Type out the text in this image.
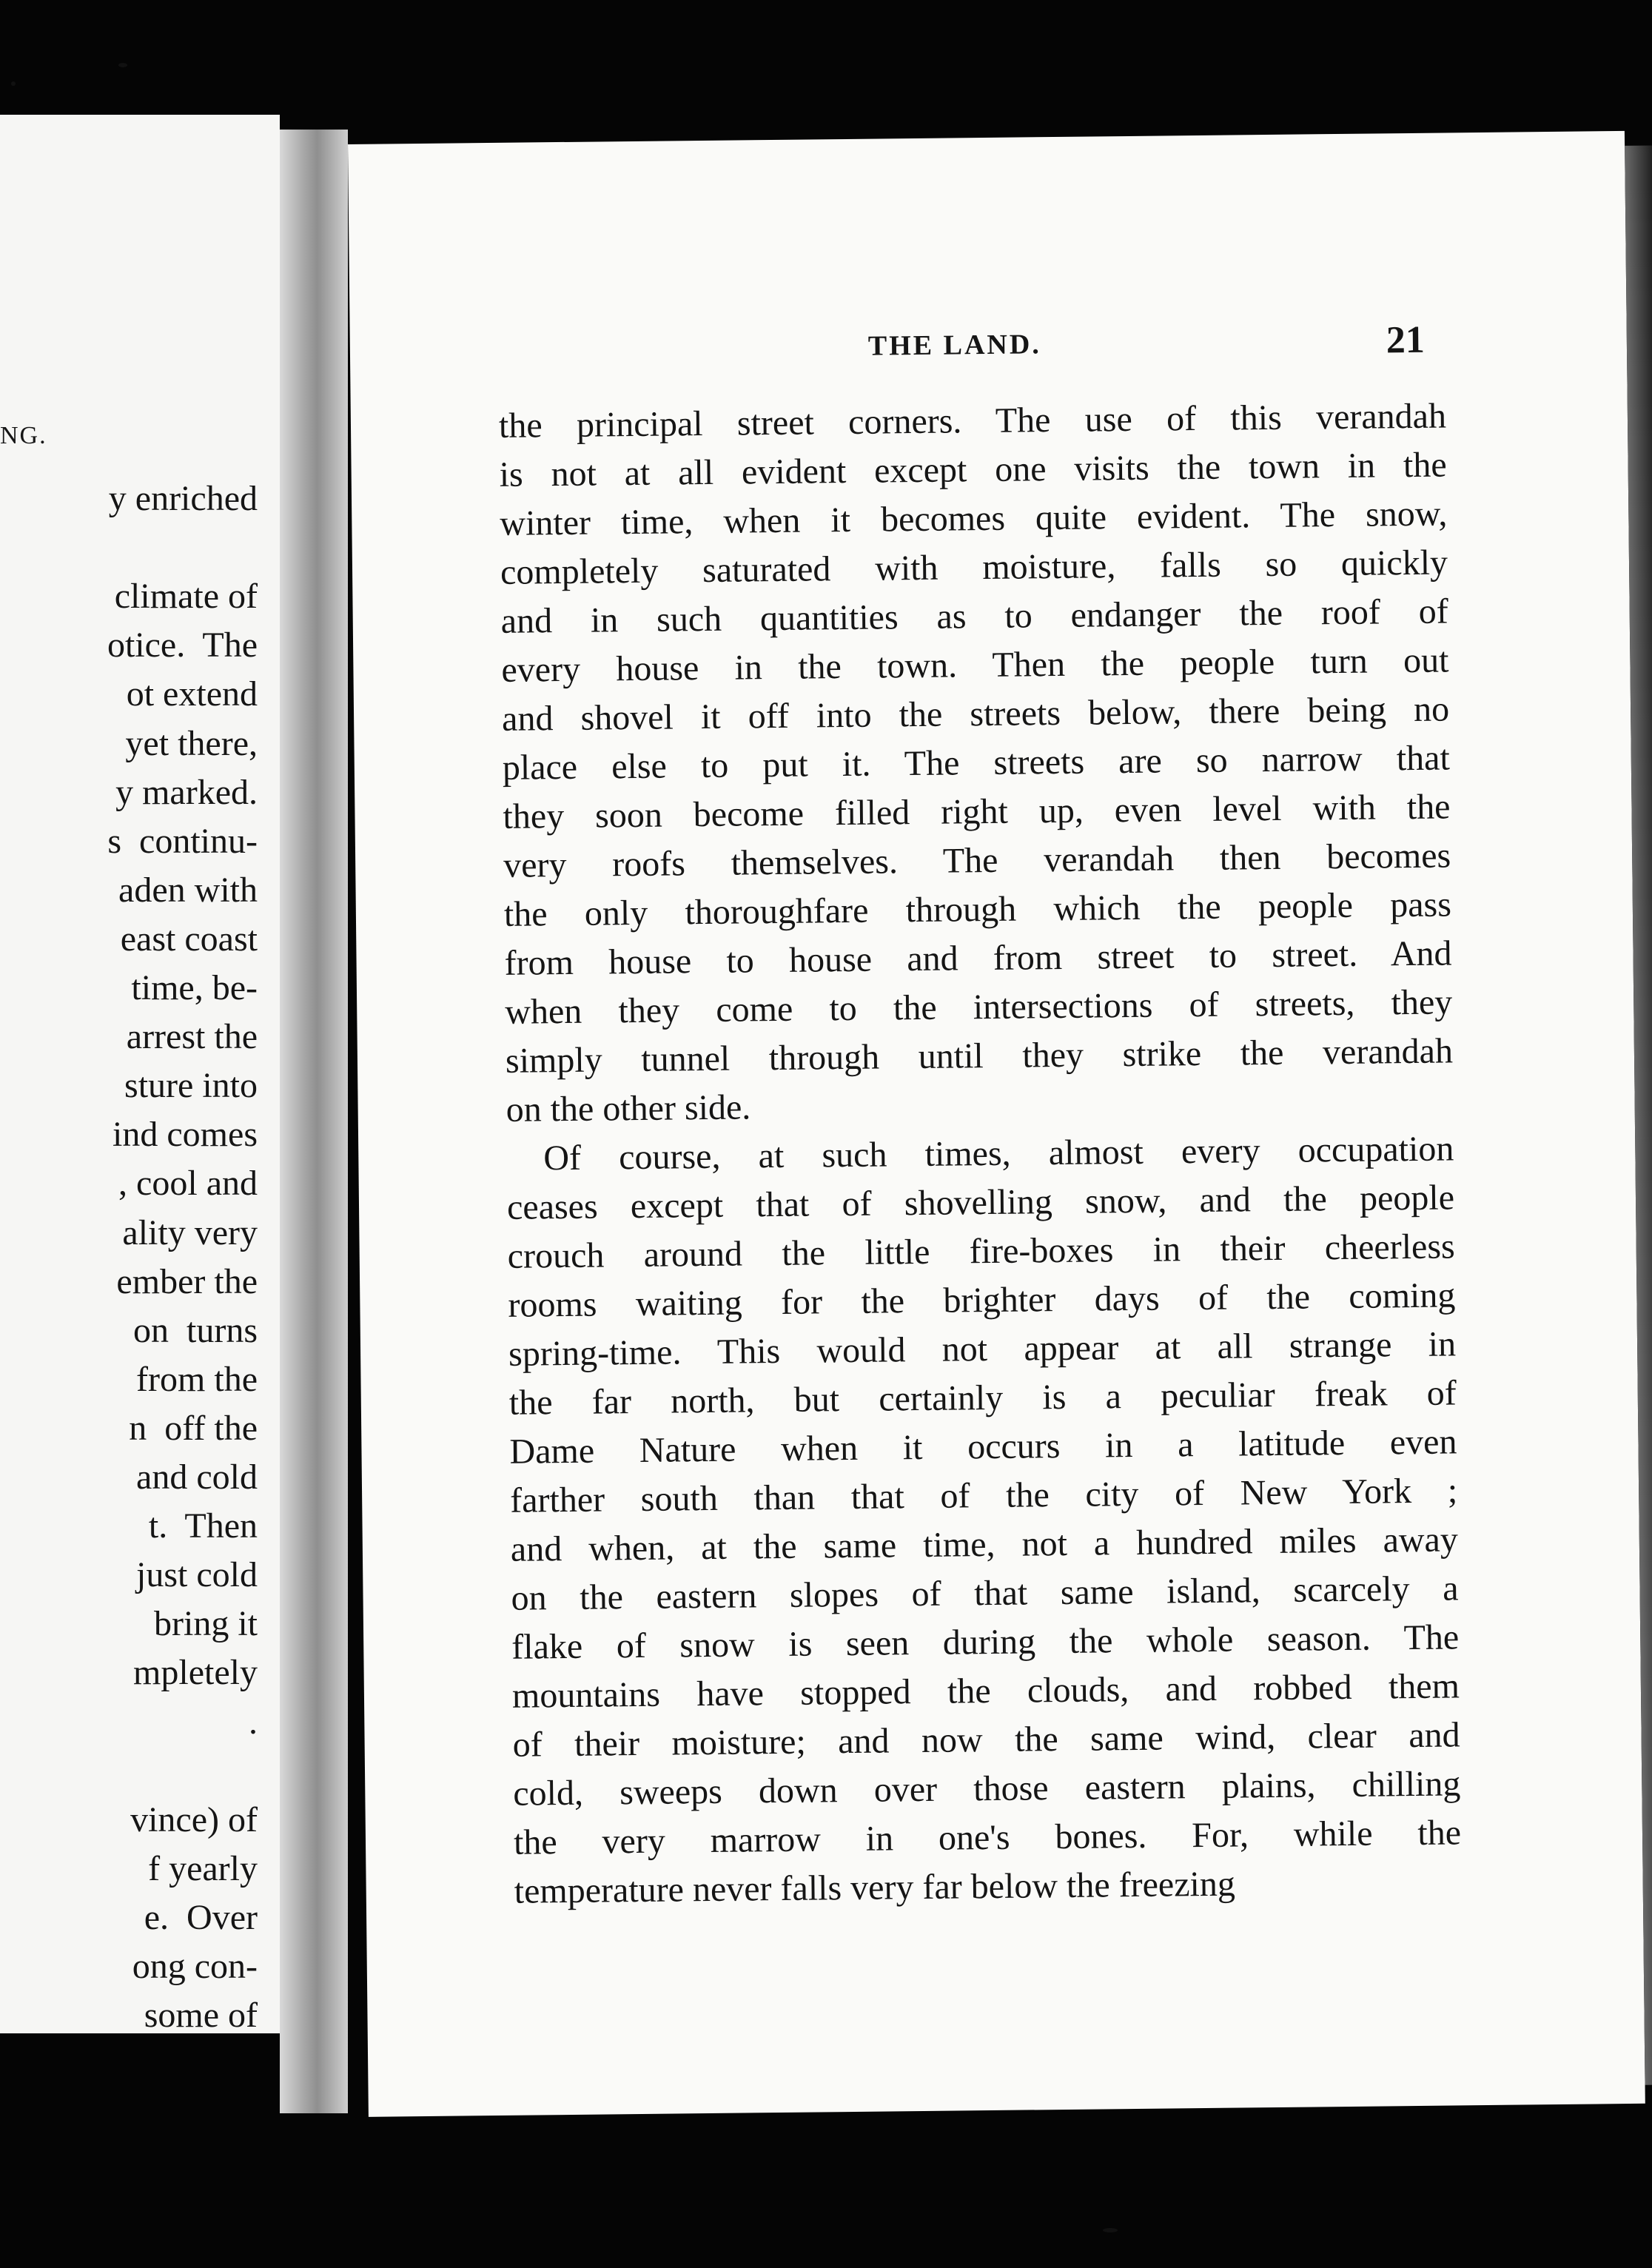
NG.
y enriched
climate of
otice.  The
ot extend
yet there,
y marked.
s  continu-
aden with
east coast
time, be-
arrest the
sture into
ind comes
, cool and
ality very
ember the
on  turns
from the
n  off the
and cold
t.  Then
just cold
bring it
mpletely
.
vince) of
f yearly
e.  Over
ong con-
some of
THE LAND.	21
the principal street corners. The use of this verandah
is not at all evident except one visits the town in the
winter time, when it becomes quite evident. The snow,
completely saturated with moisture, falls so quickly
and in such quantities as to endanger the roof of
every house in the town. Then the people turn out
and shovel it off into the streets below, there being no
place else to put it. The streets are so narrow that
they soon become filled right up, even level with the
very roofs themselves. The verandah then becomes
the only thoroughfare through which the people pass
from house to house and from street to street. And
when they come to the intersections of streets, they
simply tunnel through until they strike the verandah
on the other side.
Of course, at such times, almost every occupation
ceases except that of shovelling snow, and the people
crouch around the little fire-boxes in their cheerless
rooms waiting for the brighter days of the coming
spring-time. This would not appear at all strange in
the far north, but certainly is a peculiar freak of
Dame Nature when it occurs in a latitude even
farther south than that of the city of New York ;
and when, at the same time, not a hundred miles away
on the eastern slopes of that same island, scarcely a
flake of snow is seen during the whole season. The
mountains have stopped the clouds, and robbed them
of their moisture; and now the same wind, clear and
cold, sweeps down over those eastern plains, chilling
the very marrow in one's bones. For, while the
temperature never falls very far below the freezing
